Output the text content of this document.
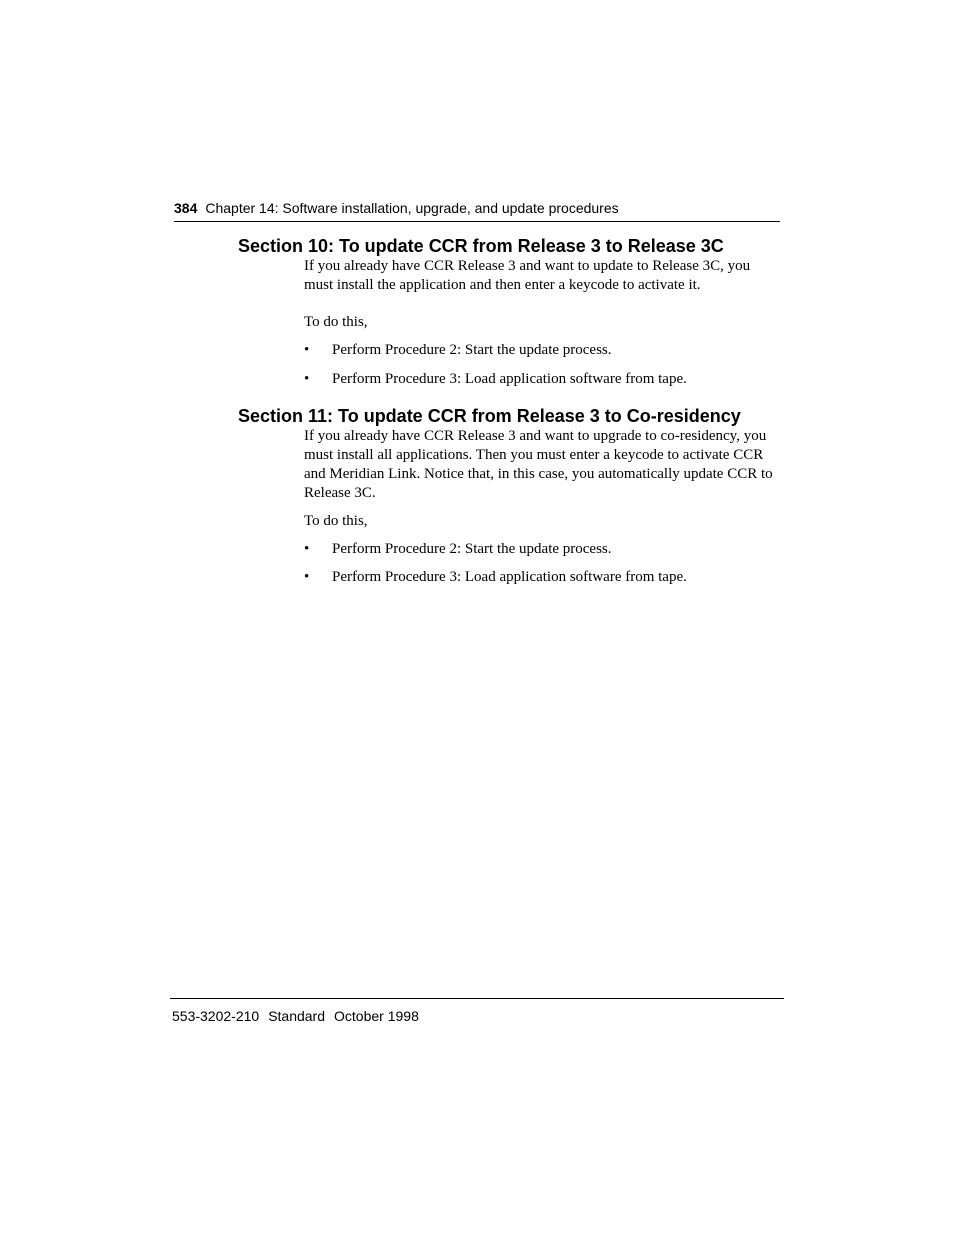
384 Chapter 14: Software installation, upgrade, and update procedures
Section 10: To update CCR from Release 3 to Release 3C

If you already have CCR Release 3 and want to update to Release 3C, you must install the application and then enter a keycode to activate it.

To do this,

• Perform Procedure 2: Start the update process.
• Perform Procedure 3: Load application software from tape.
Section 11: To update CCR from Release 3 to Co-residency

If you already have CCR Release 3 and want to upgrade to co-residency, you must install all applications. Then you must enter a keycode to activate CCR and Meridian Link. Notice that, in this case, you automatically update CCR to Release 3C.

To do this,

• Perform Procedure 2: Start the update process.
• Perform Procedure 3: Load application software from tape.
553-3202-210 Standard October 1998
